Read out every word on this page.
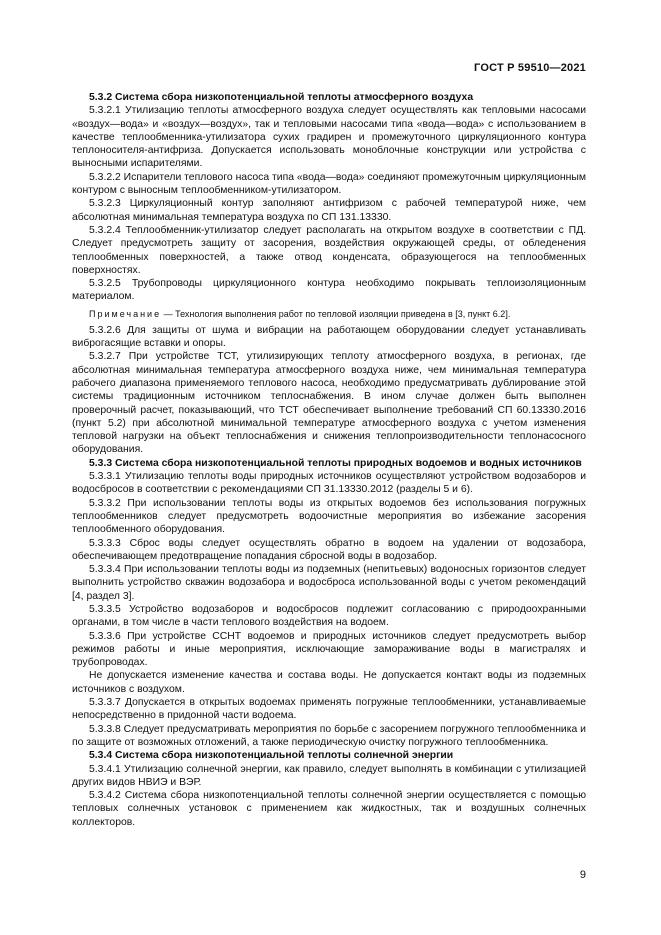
ГОСТ Р 59510—2021

5.3.2 Система сбора низкопотенциальной теплоты атмосферного воздуха

5.3.2.1 Утилизацию теплоты атмосферного воздуха следует осуществлять как тепловыми насосами «воздух—вода» и «воздух—воздух», так и тепловыми насосами типа «вода—вода» с использованием в качестве теплообменника-утилизатора сухих градирен и промежуточного циркуляционного контура теплоносителя-антифриза. Допускается использовать моноблочные конструкции или устройства с выносными испарителями.

5.3.2.2 Испарители теплового насоса типа «вода—вода» соединяют промежуточным циркуляционным контуром с выносным теплообменником-утилизатором.

5.3.2.3 Циркуляционный контур заполняют антифризом с рабочей температурой ниже, чем абсолютная минимальная температура воздуха по СП 131.13330.

5.3.2.4 Теплообменник-утилизатор следует располагать на открытом воздухе в соответствии с ПД. Следует предусмотреть защиту от засорения, воздействия окружающей среды, от обледенения теплообменных поверхностей, а также отвод конденсата, образующегося на теплообменных поверхностях.

5.3.2.5 Трубопроводы циркуляционного контура необходимо покрывать теплоизоляционным материалом.

Примечание — Технология выполнения работ по тепловой изоляции приведена в [3, пункт 6.2].

5.3.2.6 Для защиты от шума и вибрации на работающем оборудовании следует устанавливать виброгасящие вставки и опоры.

5.3.2.7 При устройстве ТСТ, утилизирующих теплоту атмосферного воздуха, в регионах, где абсолютная минимальная температура атмосферного воздуха ниже, чем минимальная температура рабочего диапазона применяемого теплового насоса, необходимо предусматривать дублирование этой системы традиционным источником теплоснабжения. В ином случае должен быть выполнен проверочный расчет, показывающий, что ТСТ обеспечивает выполнение требований СП 60.13330.2016 (пункт 5.2) при абсолютной минимальной температуре атмосферного воздуха с учетом изменения тепловой нагрузки на объект теплоснабжения и снижения теплопроизводительности теплонасосного оборудования.

5.3.3 Система сбора низкопотенциальной теплоты природных водоемов и водных источников

5.3.3.1 Утилизацию теплоты воды природных источников осуществляют устройством водозаборов и водосбросов в соответствии с рекомендациями СП 31.13330.2012 (разделы 5 и 6).

5.3.3.2 При использовании теплоты воды из открытых водоемов без использования погружных теплообменников следует предусмотреть водоочистные мероприятия во избежание засорения теплообменного оборудования.

5.3.3.3 Сброс воды следует осуществлять обратно в водоем на удалении от водозабора, обеспечивающем предотвращение попадания сбросной воды в водозабор.

5.3.3.4 При использовании теплоты воды из подземных (непитьевых) водоносных горизонтов следует выполнить устройство скважин водозабора и водосброса использованной воды с учетом рекомендаций [4, раздел 3].

5.3.3.5 Устройство водозаборов и водосбросов подлежит согласованию с природоохранными органами, в том числе в части теплового воздействия на водоем.

5.3.3.6 При устройстве ССНТ водоемов и природных источников следует предусмотреть выбор режимов работы и иные мероприятия, исключающие замораживание воды в магистралях и трубопроводах.

Не допускается изменение качества и состава воды. Не допускается контакт воды из подземных источников с воздухом.

5.3.3.7 Допускается в открытых водоемах применять погружные теплообменники, устанавливаемые непосредственно в придонной части водоема.

5.3.3.8 Следует предусматривать мероприятия по борьбе с засорением погружного теплообменника и по защите от возможных отложений, а также периодическую очистку погружного теплообменника.

5.3.4 Система сбора низкопотенциальной теплоты солнечной энергии

5.3.4.1 Утилизацию солнечной энергии, как правило, следует выполнять в комбинации с утилизацией других видов НВИЭ и ВЭР.

5.3.4.2 Система сбора низкопотенциальной теплоты солнечной энергии осуществляется с помощью тепловых солнечных установок с применением как жидкостных, так и воздушных солнечных коллекторов.

9
